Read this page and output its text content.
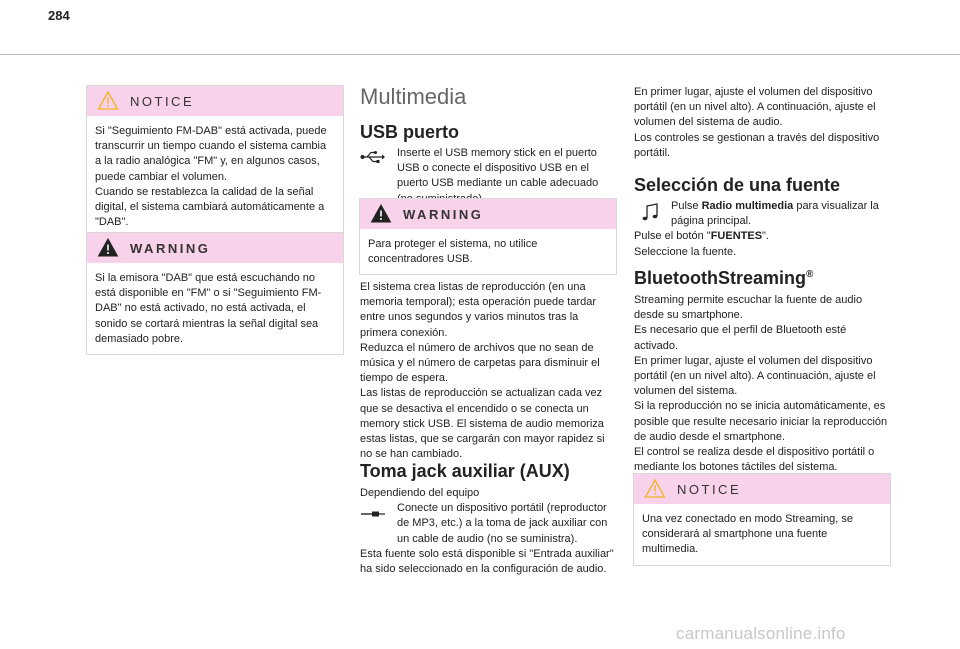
284
NOTICE
Si "Seguimiento FM-DAB" está activada, puede transcurrir un tiempo cuando el sistema cambia a la radio analógica "FM" y, en algunos casos, puede cambiar el volumen.
Cuando se restablezca la calidad de la señal digital, el sistema cambiará automáticamente a "DAB".
WARNING
Si la emisora "DAB" que está escuchando no está disponible en "FM" o si "Seguimiento FM-DAB" no está activado, no está activada, el sonido se cortará mientras la señal digital sea demasiado pobre.
Multimedia
USB puerto
Inserte el USB memory stick en el puerto USB o conecte el dispositivo USB en el puerto USB mediante un cable adecuado
WARNING
Para proteger el sistema, no utilice concentradores USB.
El sistema crea listas de reproducción (en una memoria temporal); esta operación puede tardar entre unos segundos y varios minutos tras la primera conexión.
Reduzca el número de archivos que no sean de música y el número de carpetas para disminuir el tiempo de espera.
Las listas de reproducción se actualizan cada vez que se desactiva el encendido o se conecta un memory stick USB. El sistema de audio memoriza estas listas, que se cargarán con mayor rapidez si no se han cambiado.
Toma jack auxiliar (AUX)
Dependiendo del equipo
Conecte un dispositivo portátil (reproductor de MP3, etc.) a la toma de jack auxiliar con un cable de audio (no se suministra).
Esta fuente solo está disponible si "Entrada auxiliar" ha sido seleccionado en la configuración de audio.
En primer lugar, ajuste el volumen del dispositivo portátil (en un nivel alto). A continuación, ajuste el volumen del sistema de audio.
Los controles se gestionan a través del dispositivo portátil.
Selección de una fuente
Pulse Radio multimedia para visualizar la página principal.
Pulse el botón "FUENTES".
Seleccione la fuente.
BluetoothStreaming®
Streaming permite escuchar la fuente de audio desde su smartphone.
Es necesario que el perfil de Bluetooth esté activado.
En primer lugar, ajuste el volumen del dispositivo portátil (en un nivel alto). A continuación, ajuste el volumen del sistema.
Si la reproducción no se inicia automáticamente, es posible que resulte necesario iniciar la reproducción de audio desde el smartphone.
El control se realiza desde el dispositivo portátil o mediante los botones táctiles del sistema.
NOTICE
Una vez conectado en modo Streaming, se considerará al smartphone una fuente multimedia.
carmanualsonline.info
